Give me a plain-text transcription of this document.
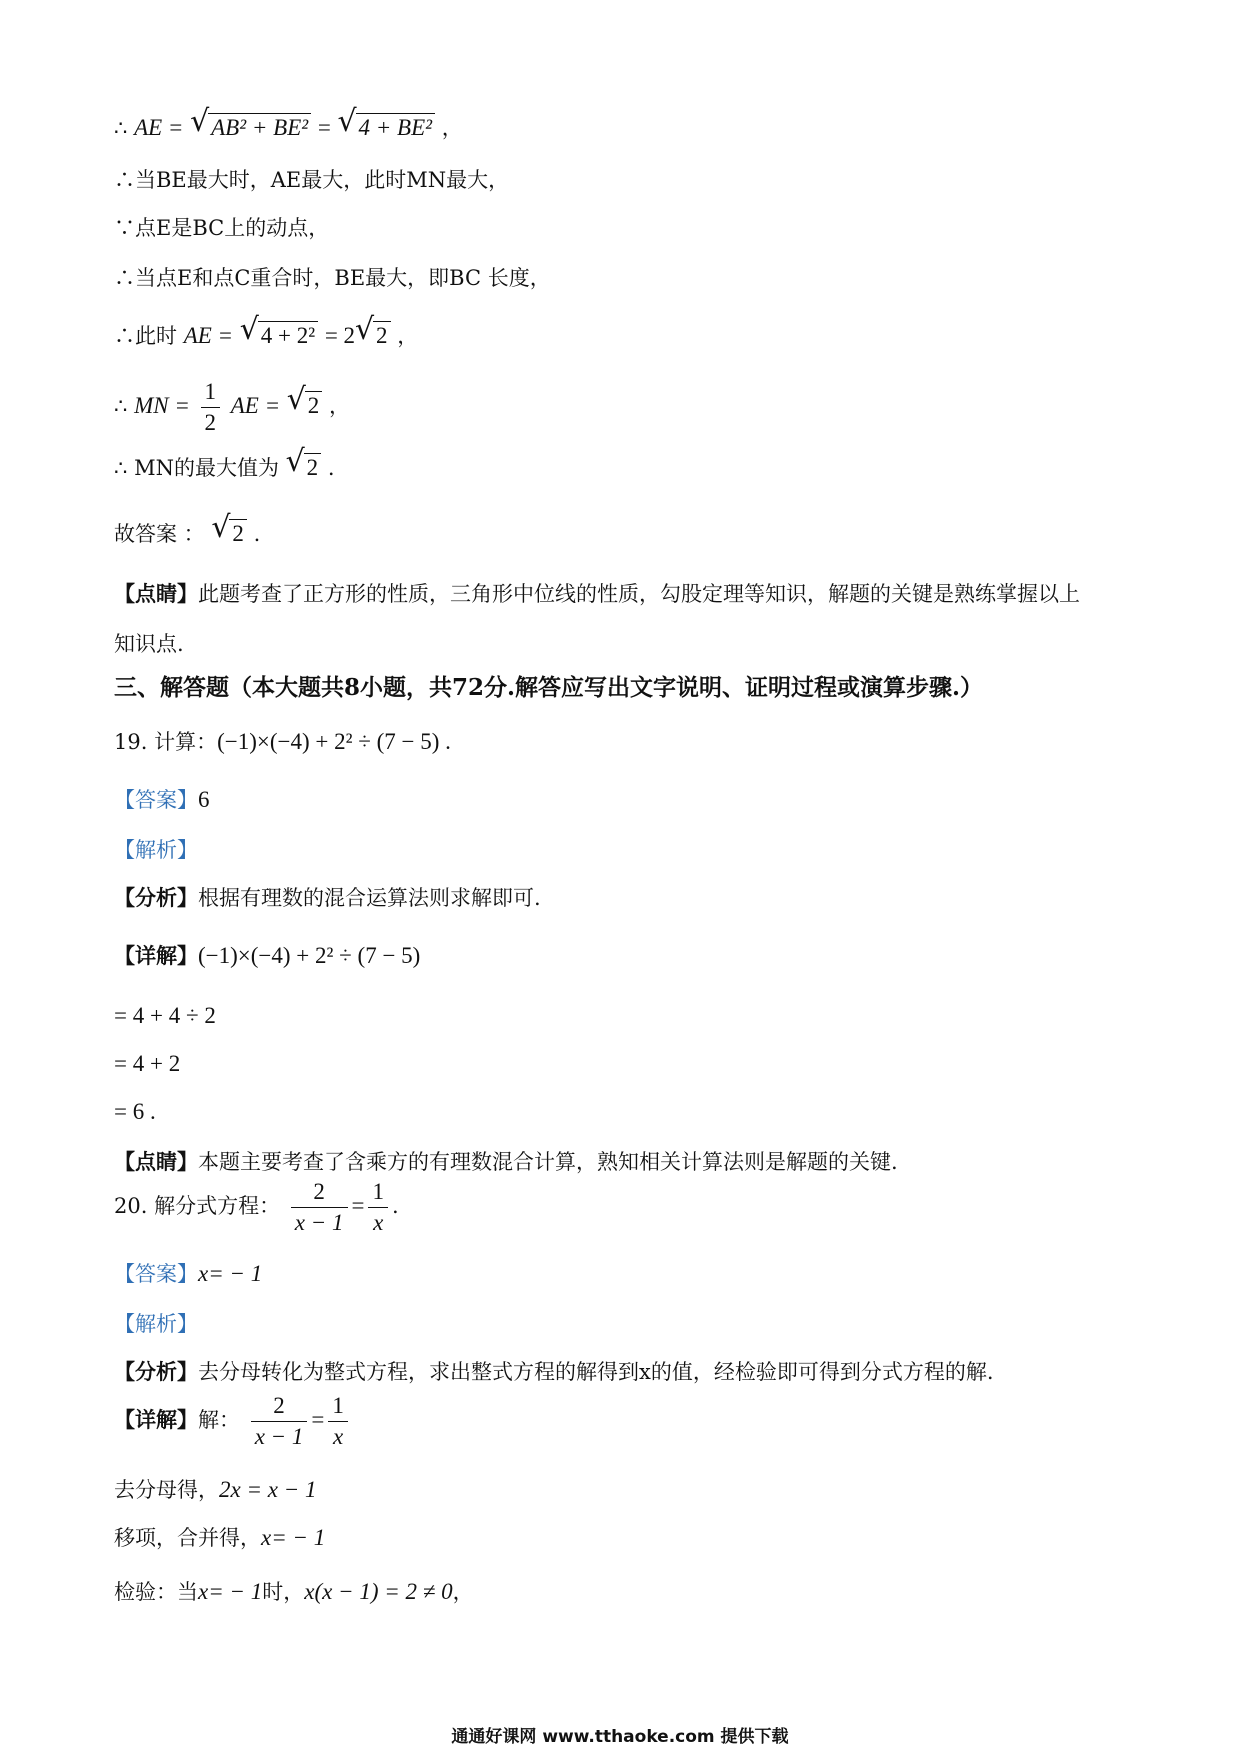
∴ AE = √ AB² + BE² = √ 4 + BE² ，
∴当BE最大时，AE最大，此时MN最大，
∵点E是BC上的动点，
∴当点E和点C重合时，BE最大，即BC 长度，
∴此时 AE = √ 4 + 2² = 2 √ 2 ，
∴ MN = $\frac{1}{2}$ AE = √ 2 ，
∴ MN的最大值为 √ 2 .
故答案 ： √ 2 .
【点睛】此题考查了正方形的性质，三角形中位线的性质，勾股定理等知识，解题的关键是熟练掌握以上
知识点.
三、解答题（本大题共8小题，共72分.解答应写出文字说明、证明过程或演算步骤.）
19. 计算：(−1)×(−4) + 2² ÷ (7 − 5) .
【答案】6
【解析】
【分析】根据有理数的混合运算法则求解即可.
【详解】(−1)×(−4) + 2² ÷ (7 − 5)
= 4 + 4 ÷ 2
= 4 + 2
= 6 .
【点睛】本题主要考查了含乘方的有理数混合计算，熟知相关计算法则是解题的关键.
20. 解分式方程： $\frac{2}{x - 1} = \frac{1}{x}$ .
【答案】x= − 1
【解析】
【分析】去分母转化为整式方程，求出整式方程的解得到x的值，经检验即可得到分式方程的解.
【详解】解： $\frac{2}{x - 1} = \frac{1}{x}$
去分母得，2x = x − 1
移项，合并得，x= − 1
检验：当x= − 1时，x(x − 1) = 2 ≠ 0，
通通好课网 www.tthaoke.com 提供下载
